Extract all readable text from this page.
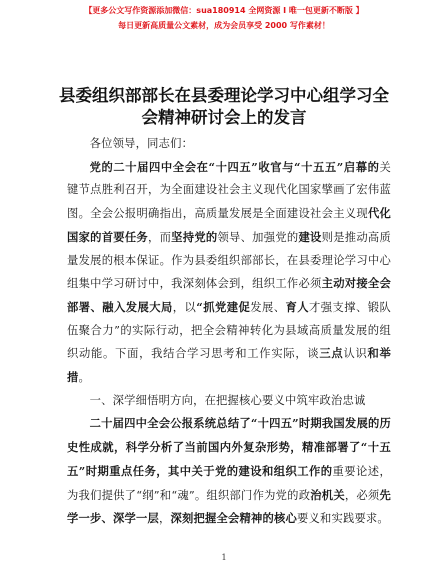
【更多公文写作资源添加微信：sua180914 全网资源 I 唯一包更新不断版 】
每日更新高质量公文素材，成为会员享受 2000 写作素材！
县委组织部部长在县委理论学习中心组学习全
会精神研讨会上的发言

各位领导，同志们：

党的二十届四中全会在“十四五”收官与“十五五”启幕的关键节点胜利召开，为全面建设社会主义现代化国家擘画了宏伟蓝图。全会公报明确指出，高质量发展是全面建设社会主义现代化国家的首要任务，而坚持党的领导、加强党的建设则是推动高质量发展的根本保证。作为县委组织部部长，在县委理论学习中心组集中学习研讨中，我深刻体会到，组织工作必须主动对接全会部署、融入发展大局，以“抓党建促发展、育人才强支撑、锻队伍聚合力”的实际行动，把全会精神转化为县域高质量发展的组织动能。下面，我结合学习思考和工作实际，谈三点认识和举措。

一、深学细悟明方向，在把握核心要义中筑牢政治忠诚

二十届四中全会公报系统总结了“十四五”时期我国发展的历史性成就，科学分析了当前国内外复杂形势，精准部署了“十五五”时期重点任务，其中关于党的建设和组织工作的重要论述，为我们提供了“纲”和“魂”。组织部门作为党的政治机关，必须先学一步、深学一层，深刻把握全会精神的核心要义和实践要求。

1
